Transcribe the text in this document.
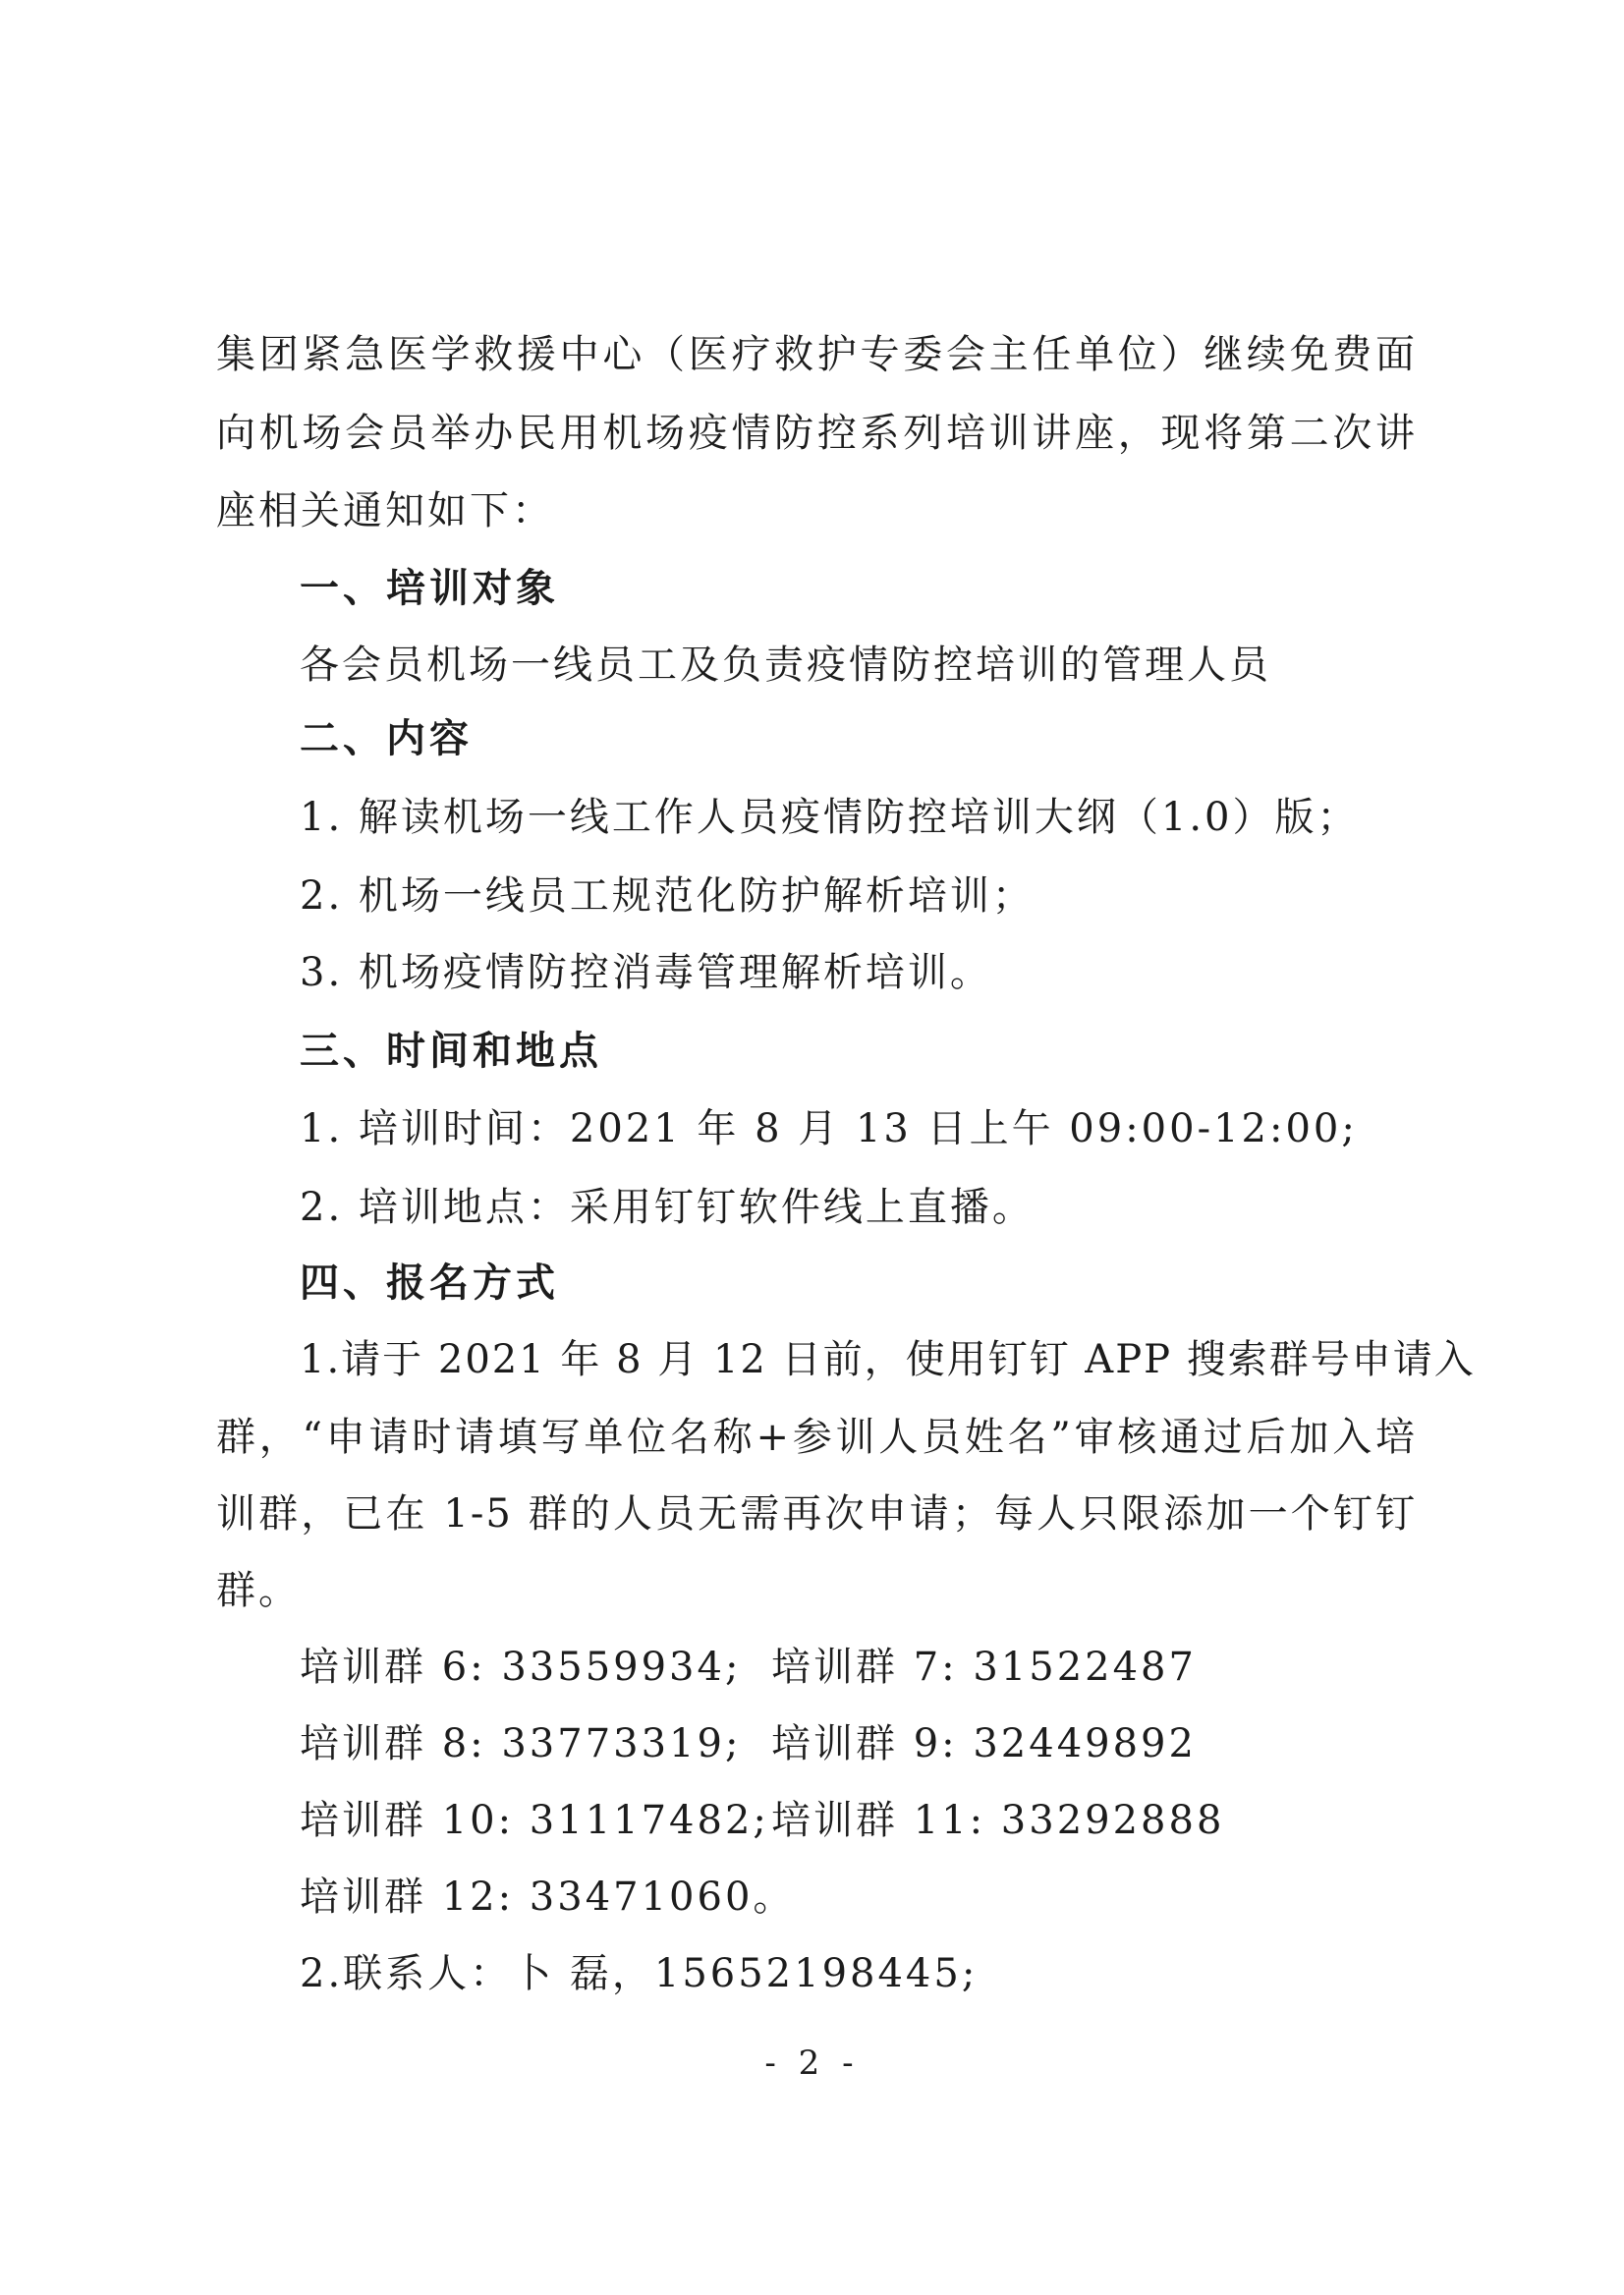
集团紧急医学救援中心（医疗救护专委会主任单位）继续免费面
向机场会员举办民用机场疫情防控系列培训讲座，现将第二次讲
座相关通知如下：
一、培训对象
各会员机场一线员工及负责疫情防控培训的管理人员
二、内容
1. 解读机场一线工作人员疫情防控培训大纲（1.0）版；
2. 机场一线员工规范化防护解析培训；
3. 机场疫情防控消毒管理解析培训。
三、时间和地点
1. 培训时间：2021 年 8 月 13 日上午 09:00-12:00;
2. 培训地点：采用钉钉软件线上直播。
四、报名方式
1.请于 2021 年 8 月 12 日前，使用钉钉 APP 搜索群号申请入
群，“申请时请填写单位名称+参训人员姓名”审核通过后加入培
训群，已在 1-5 群的人员无需再次申请；每人只限添加一个钉钉
群。
培训群 6: 33559934; 培训群 7: 31522487
培训群 8: 33773319; 培训群 9: 32449892
培训群 10: 31117482; 培训群 11: 33292888
培训群 12: 33471060。
2.联系人：卜 磊，15652198445;
- 2 -
